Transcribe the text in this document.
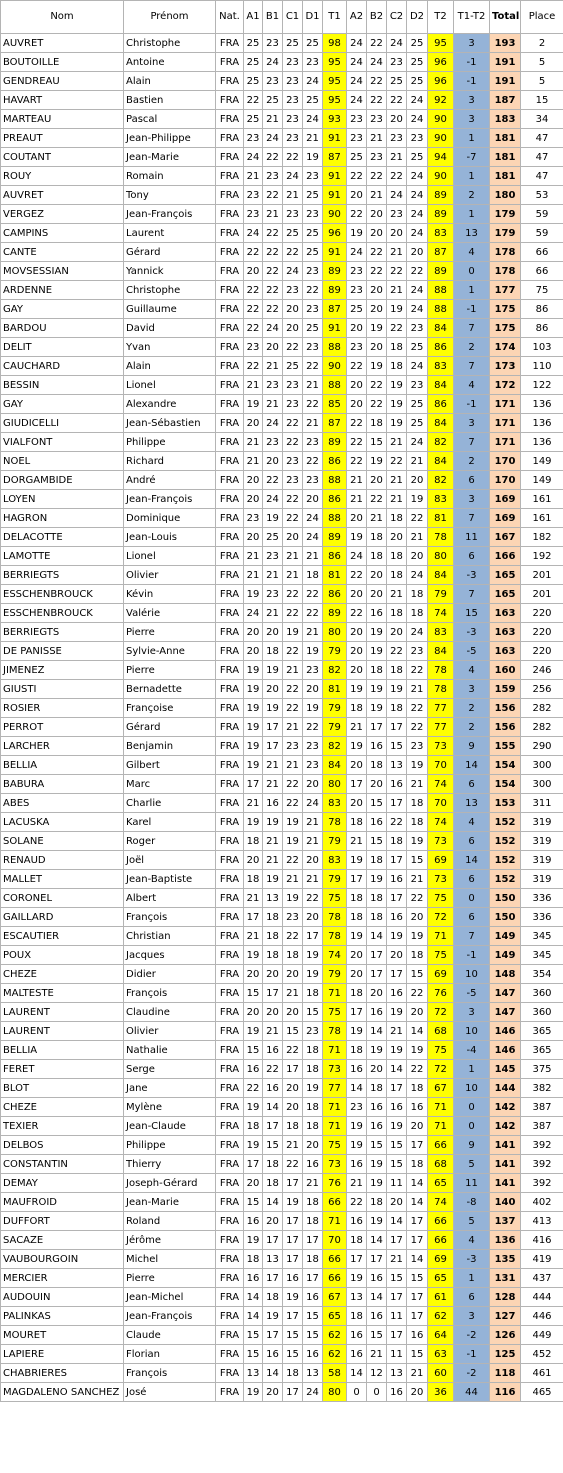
Nom	Prénom	Nat.	A1	B1	C1	D1	T1	A2	B2	C2	D2	T2	T1-T2	Total	Place
AUVRET	Christophe	FRA	25	23	25	25	98	24	22	24	25	95	3	193	2
BOUTOILLE	Antoine	FRA	25	24	23	23	95	24	24	23	25	96	-1	191	5
GENDREAU	Alain	FRA	25	23	23	24	95	24	22	25	25	96	-1	191	5
HAVART	Bastien	FRA	22	25	23	25	95	24	22	22	24	92	3	187	15
MARTEAU	Pascal	FRA	25	21	23	24	93	23	23	20	24	90	3	183	34
PREAUT	Jean-Philippe	FRA	23	24	23	21	91	23	21	23	23	90	1	181	47
COUTANT	Jean-Marie	FRA	24	22	22	19	87	25	23	21	25	94	-7	181	47
ROUY	Romain	FRA	21	23	24	23	91	22	22	22	24	90	1	181	47
AUVRET	Tony	FRA	23	22	21	25	91	20	21	24	24	89	2	180	53
VERGEZ	Jean-François	FRA	23	21	23	23	90	22	20	23	24	89	1	179	59
CAMPINS	Laurent	FRA	24	22	25	25	96	19	20	20	24	83	13	179	59
CANTE	Gérard	FRA	22	22	22	25	91	24	22	21	20	87	4	178	66
MOVSESSIAN	Yannick	FRA	20	22	24	23	89	23	22	22	22	89	0	178	66
ARDENNE	Christophe	FRA	22	22	23	22	89	23	20	21	24	88	1	177	75
GAY	Guillaume	FRA	22	22	20	23	87	25	20	19	24	88	-1	175	86
BARDOU	David	FRA	22	24	20	25	91	20	19	22	23	84	7	175	86
DELIT	Yvan	FRA	23	20	22	23	88	23	20	18	25	86	2	174	103
CAUCHARD	Alain	FRA	22	21	25	22	90	22	19	18	24	83	7	173	110
BESSIN	Lionel	FRA	21	23	23	21	88	20	22	19	23	84	4	172	122
GAY	Alexandre	FRA	19	21	23	22	85	20	22	19	25	86	-1	171	136
GIUDICELLI	Jean-Sébastien	FRA	20	24	22	21	87	22	18	19	25	84	3	171	136
VIALFONT	Philippe	FRA	21	23	22	23	89	22	15	21	24	82	7	171	136
NOEL	Richard	FRA	21	20	23	22	86	22	19	22	21	84	2	170	149
DORGAMBIDE	André	FRA	20	22	23	23	88	21	20	21	20	82	6	170	149
LOYEN	Jean-François	FRA	20	24	22	20	86	21	22	21	19	83	3	169	161
HAGRON	Dominique	FRA	23	19	22	24	88	20	21	18	22	81	7	169	161
DELACOTTE	Jean-Louis	FRA	20	25	20	24	89	19	18	20	21	78	11	167	182
LAMOTTE	Lionel	FRA	21	23	21	21	86	24	18	18	20	80	6	166	192
BERRIEGTS	Olivier	FRA	21	21	21	18	81	22	20	18	24	84	-3	165	201
ESSCHENBROUCK	Kévin	FRA	19	23	22	22	86	20	20	21	18	79	7	165	201
ESSCHENBROUCK	Valérie	FRA	24	21	22	22	89	22	16	18	18	74	15	163	220
BERRIEGTS	Pierre	FRA	20	20	19	21	80	20	19	20	24	83	-3	163	220
DE PANISSE	Sylvie-Anne	FRA	20	18	22	19	79	20	19	22	23	84	-5	163	220
JIMENEZ	Pierre	FRA	19	19	21	23	82	20	18	18	22	78	4	160	246
GIUSTI	Bernadette	FRA	19	20	22	20	81	19	19	19	21	78	3	159	256
ROSIER	Françoise	FRA	19	19	22	19	79	18	19	18	22	77	2	156	282
PERROT	Gérard	FRA	19	17	21	22	79	21	17	17	22	77	2	156	282
LARCHER	Benjamin	FRA	19	17	23	23	82	19	16	15	23	73	9	155	290
BELLIA	Gilbert	FRA	19	21	21	23	84	20	18	13	19	70	14	154	300
BABURA	Marc	FRA	17	21	22	20	80	17	20	16	21	74	6	154	300
ABES	Charlie	FRA	21	16	22	24	83	20	15	17	18	70	13	153	311
LACUSKA	Karel	FRA	19	19	19	21	78	18	16	22	18	74	4	152	319
SOLANE	Roger	FRA	18	21	19	21	79	21	15	18	19	73	6	152	319
RENAUD	Joël	FRA	20	21	22	20	83	19	18	17	15	69	14	152	319
MALLET	Jean-Baptiste	FRA	18	19	21	21	79	17	19	16	21	73	6	152	319
CORONEL	Albert	FRA	21	13	19	22	75	18	18	17	22	75	0	150	336
GAILLARD	François	FRA	17	18	23	20	78	18	18	16	20	72	6	150	336
ESCAUTIER	Christian	FRA	21	18	22	17	78	19	14	19	19	71	7	149	345
POUX	Jacques	FRA	19	18	18	19	74	20	17	20	18	75	-1	149	345
CHEZE	Didier	FRA	20	20	20	19	79	20	17	17	15	69	10	148	354
MALTESTE	François	FRA	15	17	21	18	71	18	20	16	22	76	-5	147	360
LAURENT	Claudine	FRA	20	20	20	15	75	17	16	19	20	72	3	147	360
LAURENT	Olivier	FRA	19	21	15	23	78	19	14	21	14	68	10	146	365
BELLIA	Nathalie	FRA	15	16	22	18	71	18	19	19	19	75	-4	146	365
FERET	Serge	FRA	16	22	17	18	73	16	20	14	22	72	1	145	375
BLOT	Jane	FRA	22	16	20	19	77	14	18	17	18	67	10	144	382
CHEZE	Mylène	FRA	19	14	20	18	71	23	16	16	16	71	0	142	387
TEXIER	Jean-Claude	FRA	18	17	18	18	71	19	16	19	20	71	0	142	387
DELBOS	Philippe	FRA	19	15	21	20	75	19	15	15	17	66	9	141	392
CONSTANTIN	Thierry	FRA	17	18	22	16	73	16	19	15	18	68	5	141	392
DEMAY	Joseph-Gérard	FRA	20	18	17	21	76	21	19	11	14	65	11	141	392
MAUFROID	Jean-Marie	FRA	15	14	19	18	66	22	18	20	14	74	-8	140	402
DUFFORT	Roland	FRA	16	20	17	18	71	16	19	14	17	66	5	137	413
SACAZE	Jérôme	FRA	19	17	17	17	70	18	14	17	17	66	4	136	416
VAUBOURGOIN	Michel	FRA	18	13	17	18	66	17	17	21	14	69	-3	135	419
MERCIER	Pierre	FRA	16	17	16	17	66	19	16	15	15	65	1	131	437
AUDOUIN	Jean-Michel	FRA	14	18	19	16	67	13	14	17	17	61	6	128	444
PALINKAS	Jean-François	FRA	14	19	17	15	65	18	16	11	17	62	3	127	446
MOURET	Claude	FRA	15	17	15	15	62	16	15	17	16	64	-2	126	449
LAPIERE	Florian	FRA	15	16	15	16	62	16	21	11	15	63	-1	125	452
CHABRIERES	François	FRA	13	14	18	13	58	14	12	13	21	60	-2	118	461
MAGDALENO SANCHEZ	José	FRA	19	20	17	24	80	0	0	16	20	36	44	116	465
